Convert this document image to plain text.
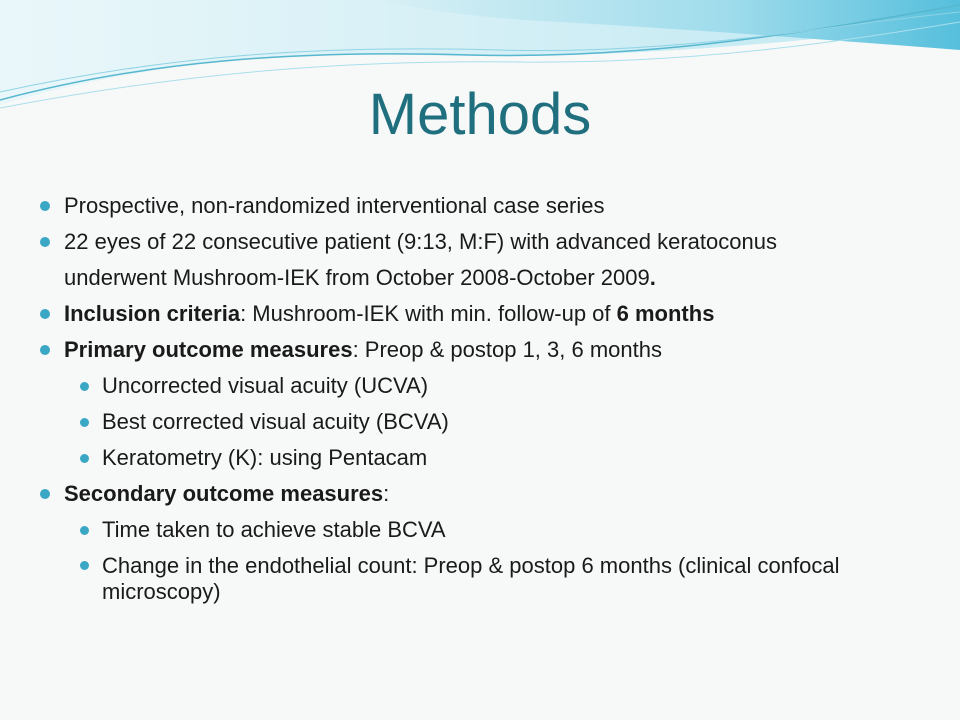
Methods
Prospective, non-randomized interventional case series
22 eyes of 22 consecutive patient (9:13, M:F) with advanced keratoconus
underwent Mushroom-IEK from October 2008-October 2009.
Inclusion criteria: Mushroom-IEK with min. follow-up of 6 months
Primary outcome measures: Preop & postop 1, 3, 6 months
Uncorrected visual acuity (UCVA)
Best corrected visual acuity (BCVA)
Keratometry (K): using Pentacam
Secondary outcome measures:
Time taken to achieve stable BCVA
Change in the endothelial count: Preop & postop 6 months (clinical confocal microscopy)
